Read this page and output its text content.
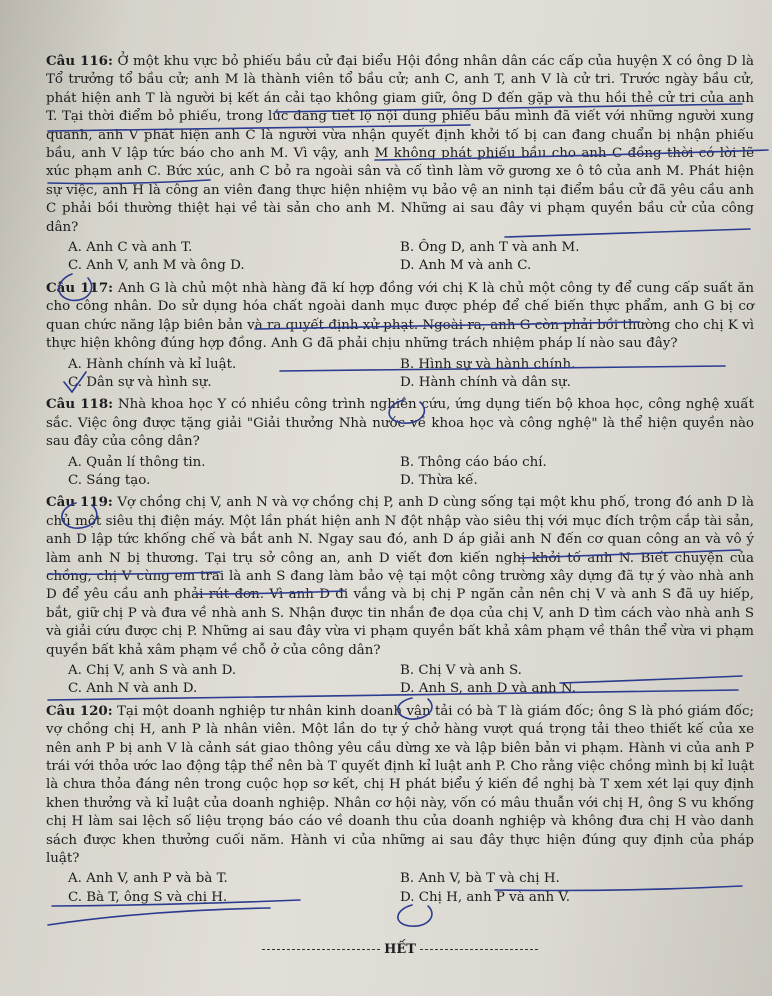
Câu 116: Ở một khu vực bỏ phiếu bầu cử đại biểu Hội đồng nhân dân các cấp của huyện X có ông D là Tổ trưởng tổ bầu cử; anh M là thành viên tổ bầu cử; anh C, anh T, anh V là cử tri. Trước ngày bầu cử, phát hiện anh T là người bị kết án cải tạo không giam giữ, ông D đến gặp và thu hồi thẻ cử tri của anh T. Tại thời điểm bỏ phiếu, trong lúc đang tiết lộ nội dung phiếu bầu mình đã viết với những người xung quanh, anh V phát hiện anh C là người vừa nhận quyết định khởi tố bị can đang chuẩn bị nhận phiếu bầu, anh V lập tức báo cho anh M. Vì vậy, anh M không phát phiếu bầu cho anh C đồng thời có lời lẽ xúc phạm anh C. Bức xúc, anh C bỏ ra ngoài sân và cố tình làm vỡ gương xe ô tô của anh M. Phát hiện sự việc, anh H là công an viên đang thực hiện nhiệm vụ bảo vệ an ninh tại điểm bầu cử đã yêu cầu anh C phải bồi thường thiệt hại về tài sản cho anh M. Những ai sau đây vi phạm quyền bầu cử của công dân?

A. Anh C và anh T.	B. Ông D, anh T và anh M.
C. Anh V, anh M và ông D.	D. Anh M và anh C.

Câu 117: Anh G là chủ một nhà hàng đã kí hợp đồng với chị K là chủ một công ty để cung cấp suất ăn cho công nhân. Do sử dụng hóa chất ngoài danh mục được phép để chế biến thực phẩm, anh G bị cơ quan chức năng lập biên bản và ra quyết định xử phạt. Ngoài ra, anh G còn phải bồi thường cho chị K vì thực hiện không đúng hợp đồng. Anh G đã phải chịu những trách nhiệm pháp lí nào sau đây?

A. Hành chính và kỉ luật.	B. Hình sự và hành chính.
C. Dân sự và hình sự.	D. Hành chính và dân sự.

Câu 118: Nhà khoa học Y có nhiều công trình nghiên cứu, ứng dụng tiến bộ khoa học, công nghệ xuất sắc. Việc ông được tặng giải "Giải thưởng Nhà nước về khoa học và công nghệ" là thể hiện quyền nào sau đây của công dân?

A. Quản lí thông tin.	B. Thông cáo báo chí.
C. Sáng tạo.	D. Thừa kế.

Câu 119: Vợ chồng chị V, anh N và vợ chồng chị P, anh D cùng sống tại một khu phố, trong đó anh D là chủ một siêu thị điện máy. Một lần phát hiện anh N đột nhập vào siêu thị với mục đích trộm cắp tài sản, anh D lập tức khống chế và bắt anh N. Ngay sau đó, anh D áp giải anh N đến cơ quan công an và vô ý làm anh N bị thương. Tại trụ sở công an, anh D viết đơn kiến nghị khởi tố anh N. Biết chuyện của chồng, chị V cùng em trai là anh S đang làm bảo vệ tại một công trường xây dựng đã tự ý vào nhà anh D để yêu cầu anh phải rút đơn. Vì anh D đi vắng và bị chị P ngăn cản nên chị V và anh S đã uy hiếp, bắt, giữ chị P và đưa về nhà anh S. Nhận được tin nhắn đe dọa của chị V, anh D tìm cách vào nhà anh S và giải cứu được chị P. Những ai sau đây vừa vi phạm quyền bất khả xâm phạm về thân thể vừa vi phạm quyền bất khả xâm phạm về chỗ ở của công dân?

A. Chị V, anh S và anh D.	B. Chị V và anh S.
C. Anh N và anh D.	D. Anh S, anh D và anh N.

Câu 120: Tại một doanh nghiệp tư nhân kinh doanh vận tải có bà T là giám đốc; ông S là phó giám đốc; vợ chồng chị H, anh P là nhân viên. Một lần do tự ý chở hàng vượt quá trọng tải theo thiết kế của xe nên anh P bị anh V là cảnh sát giao thông yêu cầu dừng xe và lập biên bản vi phạm. Hành vi của anh P trái với thỏa ước lao động tập thể nên bà T quyết định kỉ luật anh P. Cho rằng việc chồng mình bị kỉ luật là chưa thỏa đáng nên trong cuộc họp sơ kết, chị H phát biểu ý kiến đề nghị bà T xem xét lại quy định khen thưởng và kỉ luật của doanh nghiệp. Nhân cơ hội này, vốn có mâu thuẫn với chị H, ông S vu khống chị H làm sai lệch số liệu trọng báo cáo về doanh thu của doanh nghiệp và không đưa chị H vào danh sách được khen thưởng cuối năm. Hành vi của những ai sau đây thực hiện đúng quy định của pháp luật?

A. Anh V, anh P và bà T.	B. Anh V, bà T và chị H.
C. Bà T, ông S và chị H.	D. Chị H, anh P và anh V.
HẾT
